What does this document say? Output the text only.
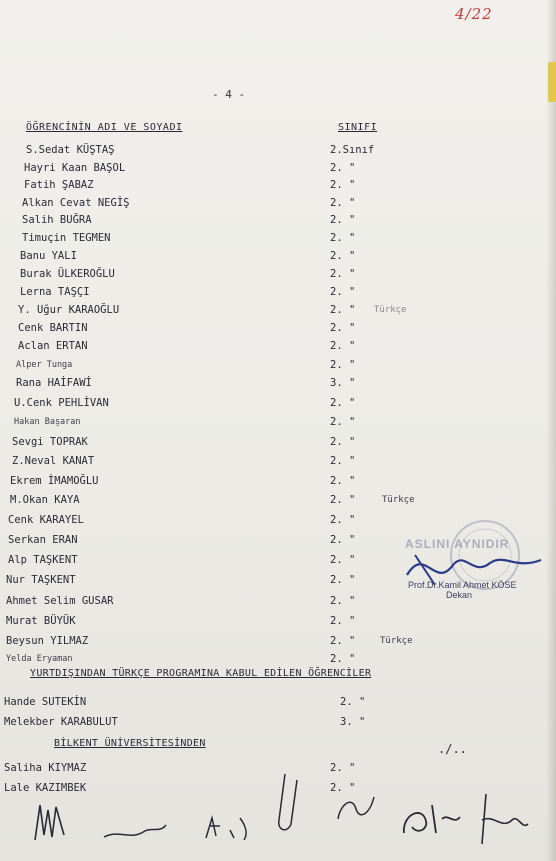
4/22
- 4 -
ÖĞRENCİNİN ADI VE SOYADI	SINIFI
S.Sedat KÜŞTAŞ	2.Sınıf
Hayri Kaan BAŞOL	2. "
Fatih ŞABAZ	2. "
Alkan Cevat NEGİŞ	2. "
Salih BUĞRA	2. "
Timuçin TEGMEN	2. "
Banu YALI	2. "
Burak ÜLKEROĞLU	2. "
Lerna TAŞÇI	2. "
Y. Uğur KARAOĞLU	2. " Türkçe
Cenk BARTIN	2. "
Aclan ERTAN	2. "
Alper Tunga	2. "
Rana HAİFAWİ	3. "
U.Cenk PEHLİVAN	2. "
Hakan Başaran	2. "
Sevgi TOPRAK	2. "
Z.Neval KANAT	2. "
Ekrem İMAMOĞLU	2. "
M.Okan KAYA	2. "	Türkçe
Cenk KARAYEL	2. "
Serkan ERAN	2. "
Alp TAŞKENT	2. "
Nur TAŞKENT	2. "
Ahmet Selim GUSAR	2. "
Murat BÜYÜK	2. "
Beysun YILMAZ	2. "	Türkçe
Yelda Eryaman	2. "
YURTDIŞINDAN TÜRKÇE PROGRAMINA KABUL EDİLEN ÖĞRENCİLER
Hande SUTEKİN	2. "
Melekber KARABULUT	3. "
BİLKENT ÜNİVERSİTESİNDEN	./..
Saliha KIYMAZ	2. "
Lale KAZIMBEK	2. "
ASLINI AYNIDIR
Prof.Dr.Kamil Ahmet KÖSE
Dekan
